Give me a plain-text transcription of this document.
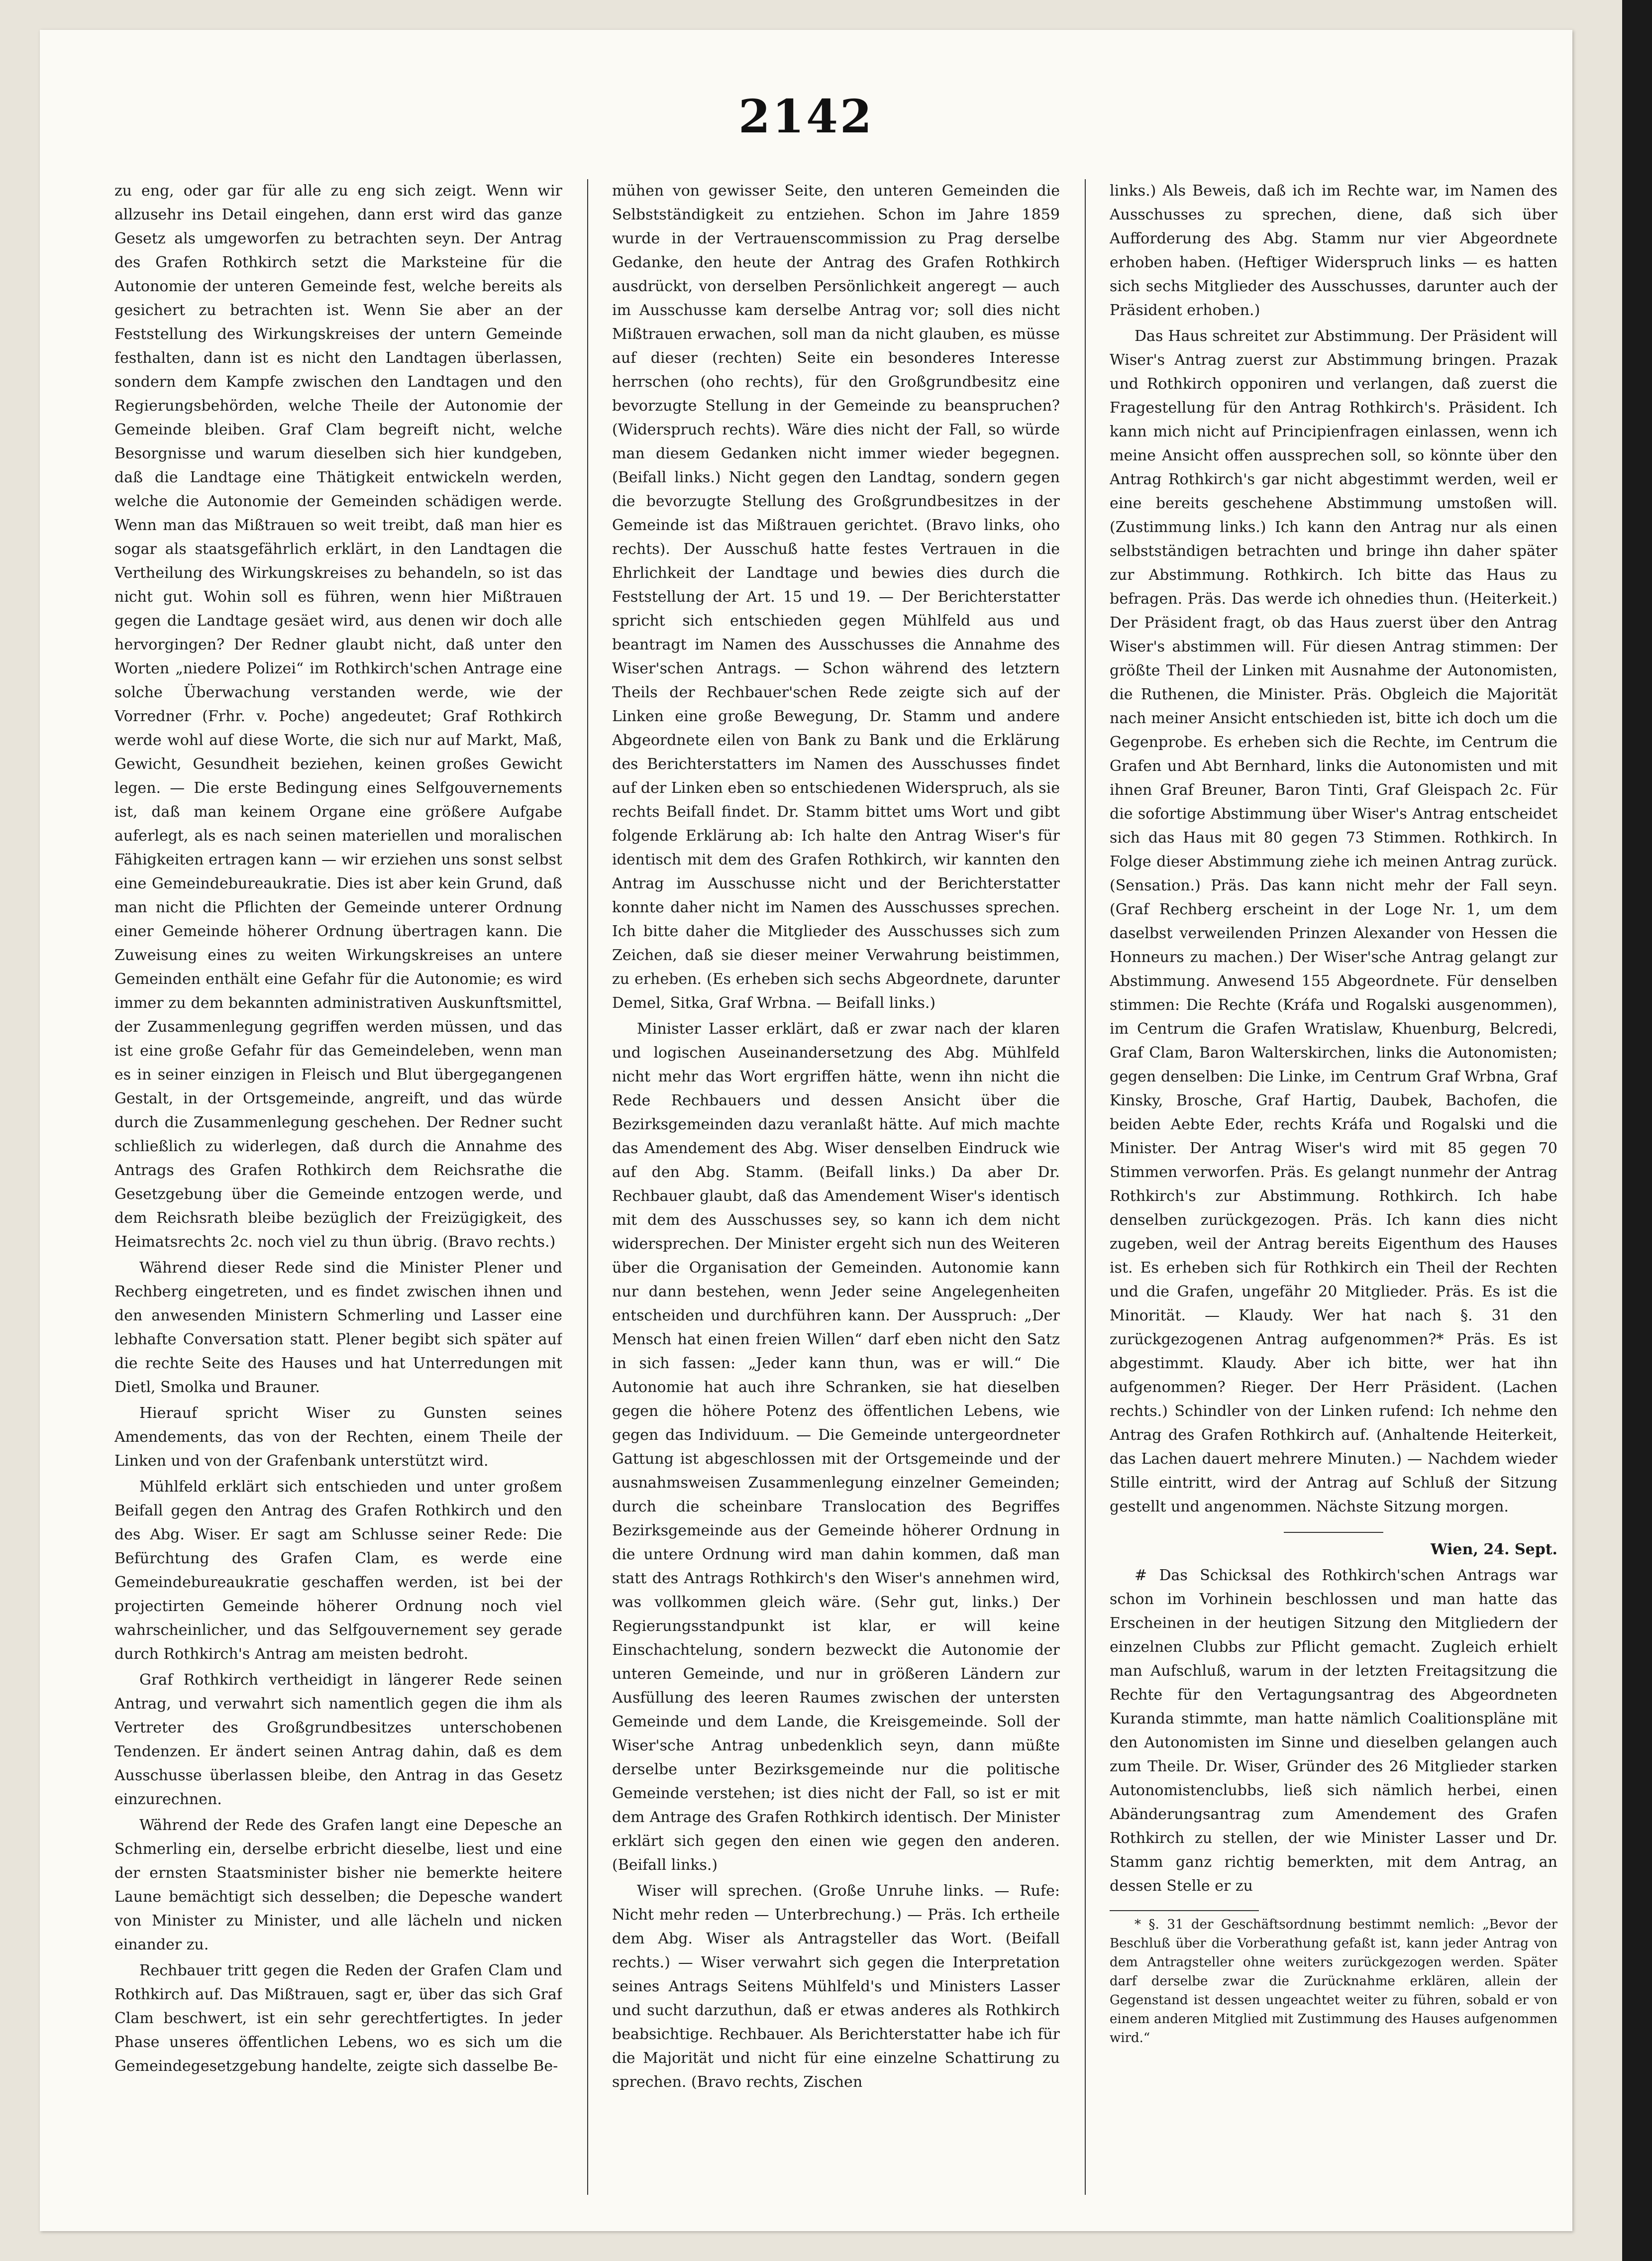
2142

zu eng, oder gar für alle zu eng sich zeigt. Wenn wir allzusehr ins Detail eingehen, dann erst wird das ganze Gesetz als umgeworfen zu betrachten seyn. Der Antrag des Grafen Rothkirch setzt die Marksteine für die Autonomie der unteren Gemeinde fest, welche bereits als gesichert zu betrachten ist. Wenn Sie aber an der Feststellung des Wirkungskreises der untern Gemeinde festhalten, dann ist es nicht den Landtagen überlassen, sondern dem Kampfe zwischen den Landtagen und den Regierungsbehörden, welche Theile der Autonomie der Gemeinde bleiben. Graf Clam begreift nicht, welche Besorgnisse und warum dieselben sich hier kundgeben, daß die Landtage eine Thätigkeit entwickeln werden, welche die Autonomie der Gemeinden schädigen werde. Wenn man das Mißtrauen so weit treibt, daß man hier es sogar als staatsgefährlich erklärt, in den Landtagen die Vertheilung des Wirkungskreises zu behandeln, so ist das nicht gut. Wohin soll es führen, wenn hier Mißtrauen gegen die Landtage gesäet wird, aus denen wir doch alle hervorgingen? Der Redner glaubt nicht, daß unter den Worten „niedere Polizei“ im Rothkirch'schen Antrage eine solche Überwachung verstanden werde, wie der Vorredner (Frhr. v. Poche) angedeutet; Graf Rothkirch werde wohl auf diese Worte, die sich nur auf Markt, Maß, Gewicht, Gesundheit beziehen, keinen großes Gewicht legen. — Die erste Bedingung eines Selfgouvernements ist, daß man keinem Organe eine größere Aufgabe auferlegt, als es nach seinen materiellen und moralischen Fähigkeiten ertragen kann — wir erziehen uns sonst selbst eine Gemeindebureaukratie. Dies ist aber kein Grund, daß man nicht die Pflichten der Gemeinde unterer Ordnung einer Gemeinde höherer Ordnung übertragen kann. Die Zuweisung eines zu weiten Wirkungskreises an untere Gemeinden enthält eine Gefahr für die Autonomie; es wird immer zu dem bekannten administrativen Auskunftsmittel, der Zusammenlegung gegriffen werden müssen, und das ist eine große Gefahr für das Gemeindeleben, wenn man es in seiner einzigen in Fleisch und Blut übergegangenen Gestalt, in der Ortsgemeinde, angreift, und das würde durch die Zusammenlegung geschehen. Der Redner sucht schließlich zu widerlegen, daß durch die Annahme des Antrags des Grafen Rothkirch dem Reichsrathe die Gesetzgebung über die Gemeinde entzogen werde, und dem Reichsrath bleibe bezüglich der Freizügigkeit, des Heimatsrechts 2c. noch viel zu thun übrig. (Bravo rechts.)

Während dieser Rede sind die Minister Plener und Rechberg eingetreten, und es findet zwischen ihnen und den anwesenden Ministern Schmerling und Lasser eine lebhafte Conversation statt. Plener begibt sich später auf die rechte Seite des Hauses und hat Unterredungen mit Dietl, Smolka und Brauner.

Hierauf spricht Wiser zu Gunsten seines Amendements, das von der Rechten, einem Theile der Linken und von der Grafenbank unterstützt wird.

Mühlfeld erklärt sich entschieden und unter großem Beifall gegen den Antrag des Grafen Rothkirch und den des Abg. Wiser. Er sagt am Schlusse seiner Rede: Die Befürchtung des Grafen Clam, es werde eine Gemeindebureaukratie geschaffen werden, ist bei der projectirten Gemeinde höherer Ordnung noch viel wahrscheinlicher, und das Selfgouvernement sey gerade durch Rothkirch's Antrag am meisten bedroht.

Graf Rothkirch vertheidigt in längerer Rede seinen Antrag, und verwahrt sich namentlich gegen die ihm als Vertreter des Großgrundbesitzes unterschobenen Tendenzen. Er ändert seinen Antrag dahin, daß es dem Ausschusse überlassen bleibe, den Antrag in das Gesetz einzurechnen.

Während der Rede des Grafen langt eine Depesche an Schmerling ein, derselbe erbricht dieselbe, liest und eine der ernsten Staatsminister bisher nie bemerkte heitere Laune bemächtigt sich desselben; die Depesche wandert von Minister zu Minister, und alle lächeln und nicken einander zu.

Rechbauer tritt gegen die Reden der Grafen Clam und Rothkirch auf. Das Mißtrauen, sagt er, über das sich Graf Clam beschwert, ist ein sehr gerechtfertigtes. In jeder Phase unseres öffentlichen Lebens, wo es sich um die Gemeindegesetzgebung handelte, zeigte sich dasselbe Be-

mühen von gewisser Seite, den unteren Gemeinden die Selbstständigkeit zu entziehen. Schon im Jahre 1859 wurde in der Vertrauenscommission zu Prag derselbe Gedanke, den heute der Antrag des Grafen Rothkirch ausdrückt, von derselben Persönlichkeit angeregt — auch im Ausschusse kam derselbe Antrag vor; soll dies nicht Mißtrauen erwachen, soll man da nicht glauben, es müsse auf dieser (rechten) Seite ein besonderes Interesse herrschen (oho rechts), für den Großgrundbesitz eine bevorzugte Stellung in der Gemeinde zu beanspruchen? (Widerspruch rechts). Wäre dies nicht der Fall, so würde man diesem Gedanken nicht immer wieder begegnen. (Beifall links.) Nicht gegen den Landtag, sondern gegen die bevorzugte Stellung des Großgrundbesitzes in der Gemeinde ist das Mißtrauen gerichtet. (Bravo links, oho rechts). Der Ausschuß hatte festes Vertrauen in die Ehrlichkeit der Landtage und bewies dies durch die Feststellung der Art. 15 und 19. — Der Berichterstatter spricht sich entschieden gegen Mühlfeld aus und beantragt im Namen des Ausschusses die Annahme des Wiser'schen Antrags. — Schon während des letztern Theils der Rechbauer'schen Rede zeigte sich auf der Linken eine große Bewegung, Dr. Stamm und andere Abgeordnete eilen von Bank zu Bank und die Erklärung des Berichterstatters im Namen des Ausschusses findet auf der Linken eben so entschiedenen Widerspruch, als sie rechts Beifall findet. Dr. Stamm bittet ums Wort und gibt folgende Erklärung ab: Ich halte den Antrag Wiser's für identisch mit dem des Grafen Rothkirch, wir kannten den Antrag im Ausschusse nicht und der Berichterstatter konnte daher nicht im Namen des Ausschusses sprechen. Ich bitte daher die Mitglieder des Ausschusses sich zum Zeichen, daß sie dieser meiner Verwahrung beistimmen, zu erheben. (Es erheben sich sechs Abgeordnete, darunter Demel, Sitka, Graf Wrbna. — Beifall links.)

Minister Lasser erklärt, daß er zwar nach der klaren und logischen Auseinandersetzung des Abg. Mühlfeld nicht mehr das Wort ergriffen hätte, wenn ihn nicht die Rede Rechbauers und dessen Ansicht über die Bezirksgemeinden dazu veranlaßt hätte. Auf mich machte das Amendement des Abg. Wiser denselben Eindruck wie auf den Abg. Stamm. (Beifall links.) Da aber Dr. Rechbauer glaubt, daß das Amendement Wiser's identisch mit dem des Ausschusses sey, so kann ich dem nicht widersprechen. Der Minister ergeht sich nun des Weiteren über die Organisation der Gemeinden. Autonomie kann nur dann bestehen, wenn Jeder seine Angelegenheiten entscheiden und durchführen kann. Der Ausspruch: „Der Mensch hat einen freien Willen“ darf eben nicht den Satz in sich fassen: „Jeder kann thun, was er will.“ Die Autonomie hat auch ihre Schranken, sie hat dieselben gegen die höhere Potenz des öffentlichen Lebens, wie gegen das Individuum. — Die Gemeinde untergeordneter Gattung ist abgeschlossen mit der Ortsgemeinde und der ausnahmsweisen Zusammenlegung einzelner Gemeinden; durch die scheinbare Translocation des Begriffes Bezirksgemeinde aus der Gemeinde höherer Ordnung in die untere Ordnung wird man dahin kommen, daß man statt des Antrags Rothkirch's den Wiser's annehmen wird, was vollkommen gleich wäre. (Sehr gut, links.) Der Regierungsstandpunkt ist klar, er will keine Einschachtelung, sondern bezweckt die Autonomie der unteren Gemeinde, und nur in größeren Ländern zur Ausfüllung des leeren Raumes zwischen der untersten Gemeinde und dem Lande, die Kreisgemeinde. Soll der Wiser'sche Antrag unbedenklich seyn, dann müßte derselbe unter Bezirksgemeinde nur die politische Gemeinde verstehen; ist dies nicht der Fall, so ist er mit dem Antrage des Grafen Rothkirch identisch. Der Minister erklärt sich gegen den einen wie gegen den anderen. (Beifall links.)

Wiser will sprechen. (Große Unruhe links. — Rufe: Nicht mehr reden — Unterbrechung.) — Präs. Ich ertheile dem Abg. Wiser als Antragsteller das Wort. (Beifall rechts.) — Wiser verwahrt sich gegen die Interpretation seines Antrags Seitens Mühlfeld's und Ministers Lasser und sucht darzuthun, daß er etwas anderes als Rothkirch beabsichtige. Rechbauer. Als Berichterstatter habe ich für die Majorität und nicht für eine einzelne Schattirung zu sprechen. (Bravo rechts, Zischen

links.) Als Beweis, daß ich im Rechte war, im Namen des Ausschusses zu sprechen, diene, daß sich über Aufforderung des Abg. Stamm nur vier Abgeordnete erhoben haben. (Heftiger Widerspruch links — es hatten sich sechs Mitglieder des Ausschusses, darunter auch der Präsident erhoben.)

Das Haus schreitet zur Abstimmung. Der Präsident will Wiser's Antrag zuerst zur Abstimmung bringen. Prazak und Rothkirch opponiren und verlangen, daß zuerst die Fragestellung für den Antrag Rothkirch's. Präsident. Ich kann mich nicht auf Principienfragen einlassen, wenn ich meine Ansicht offen aussprechen soll, so könnte über den Antrag Rothkirch's gar nicht abgestimmt werden, weil er eine bereits geschehene Abstimmung umstoßen will. (Zustimmung links.) Ich kann den Antrag nur als einen selbstständigen betrachten und bringe ihn daher später zur Abstimmung. Rothkirch. Ich bitte das Haus zu befragen. Präs. Das werde ich ohnedies thun. (Heiterkeit.) Der Präsident fragt, ob das Haus zuerst über den Antrag Wiser's abstimmen will. Für diesen Antrag stimmen: Der größte Theil der Linken mit Ausnahme der Autonomisten, die Ruthenen, die Minister. Präs. Obgleich die Majorität nach meiner Ansicht entschieden ist, bitte ich doch um die Gegenprobe. Es erheben sich die Rechte, im Centrum die Grafen und Abt Bernhard, links die Autonomisten und mit ihnen Graf Breuner, Baron Tinti, Graf Gleispach 2c. Für die sofortige Abstimmung über Wiser's Antrag entscheidet sich das Haus mit 80 gegen 73 Stimmen. Rothkirch. In Folge dieser Abstimmung ziehe ich meinen Antrag zurück. (Sensation.) Präs. Das kann nicht mehr der Fall seyn. (Graf Rechberg erscheint in der Loge Nr. 1, um dem daselbst verweilenden Prinzen Alexander von Hessen die Honneurs zu machen.) Der Wiser'sche Antrag gelangt zur Abstimmung. Anwesend 155 Abgeordnete. Für denselben stimmen: Die Rechte (Kráfa und Rogalski ausgenommen), im Centrum die Grafen Wratislaw, Khuenburg, Belcredi, Graf Clam, Baron Walterskirchen, links die Autonomisten; gegen denselben: Die Linke, im Centrum Graf Wrbna, Graf Kinsky, Brosche, Graf Hartig, Daubek, Bachofen, die beiden Aebte Eder, rechts Kráfa und Rogalski und die Minister. Der Antrag Wiser's wird mit 85 gegen 70 Stimmen verworfen. Präs. Es gelangt nunmehr der Antrag Rothkirch's zur Abstimmung. Rothkirch. Ich habe denselben zurückgezogen. Präs. Ich kann dies nicht zugeben, weil der Antrag bereits Eigenthum des Hauses ist. Es erheben sich für Rothkirch ein Theil der Rechten und die Grafen, ungefähr 20 Mitglieder. Präs. Es ist die Minorität. — Klaudy. Wer hat nach §. 31 den zurückgezogenen Antrag aufgenommen?* Präs. Es ist abgestimmt. Klaudy. Aber ich bitte, wer hat ihn aufgenommen? Rieger. Der Herr Präsident. (Lachen rechts.) Schindler von der Linken rufend: Ich nehme den Antrag des Grafen Rothkirch auf. (Anhaltende Heiterkeit, das Lachen dauert mehrere Minuten.) — Nachdem wieder Stille eintritt, wird der Antrag auf Schluß der Sitzung gestellt und angenommen. Nächste Sitzung morgen.

Wien, 24. Sept.

# Das Schicksal des Rothkirch'schen Antrags war schon im Vorhinein beschlossen und man hatte das Erscheinen in der heutigen Sitzung den Mitgliedern der einzelnen Clubbs zur Pflicht gemacht. Zugleich erhielt man Aufschluß, warum in der letzten Freitagsitzung die Rechte für den Vertagungsantrag des Abgeordneten Kuranda stimmte, man hatte nämlich Coalitionspläne mit den Autonomisten im Sinne und dieselben gelangen auch zum Theile. Dr. Wiser, Gründer des 26 Mitglieder starken Autonomistenclubbs, ließ sich nämlich herbei, einen Abänderungsantrag zum Amendement des Grafen Rothkirch zu stellen, der wie Minister Lasser und Dr. Stamm ganz richtig bemerkten, mit dem Antrag, an dessen Stelle er zu

* §. 31 der Geschäftsordnung bestimmt nemlich: „Bevor der Beschluß über die Vorberathung gefaßt ist, kann jeder Antrag von dem Antragsteller ohne weiters zurückgezogen werden. Später darf derselbe zwar die Zurücknahme erklären, allein der Gegenstand ist dessen ungeachtet weiter zu führen, sobald er von einem anderen Mitglied mit Zustimmung des Hauses aufgenommen wird.“
